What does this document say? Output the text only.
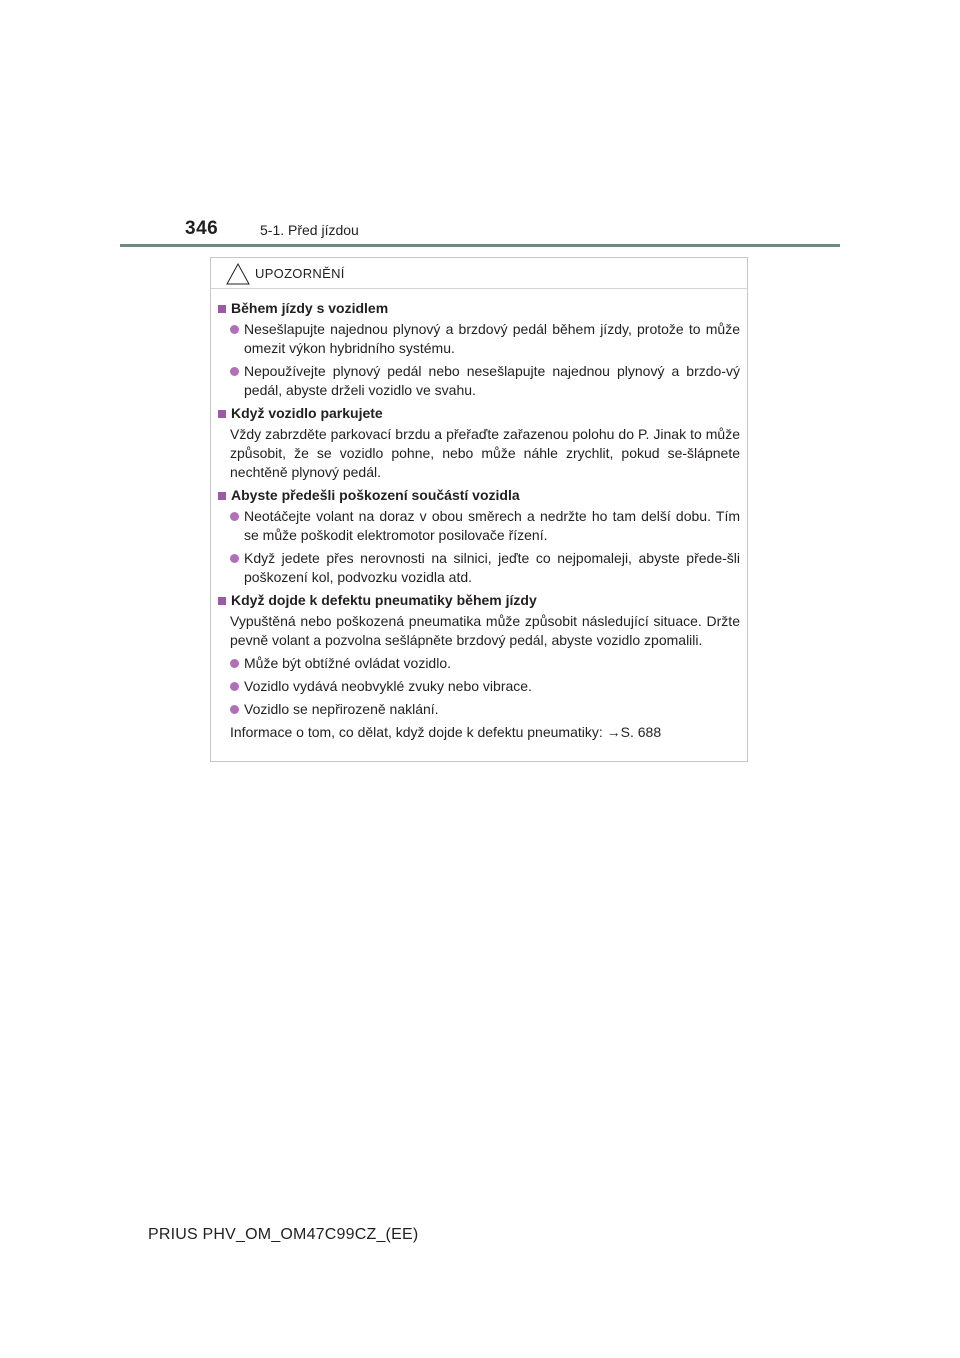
346	5-1. Před jízdou
UPOZORNĚNÍ
Během jízdy s vozidlem
Nesešlapujte najednou plynový a brzdový pedál během jízdy, protože to může omezit výkon hybridního systému.
Nepoužívejte plynový pedál nebo nesešlapujte najednou plynový a brzdo-vý pedál, abyste drželi vozidlo ve svahu.
Když vozidlo parkujete
Vždy zabrzděte parkovací brzdu a přeřaďte zařazenou polohu do P. Jinak to může způsobit, že se vozidlo pohne, nebo může náhle zrychlit, pokud se-šlápnete nechtěně plynový pedál.
Abyste předešli poškození součástí vozidla
Neotáčejte volant na doraz v obou směrech a nedržte ho tam delší dobu. Tím se může poškodit elektromotor posilovače řízení.
Když jedete přes nerovnosti na silnici, jeďte co nejpomaleji, abyste přede-šli poškození kol, podvozku vozidla atd.
Když dojde k defektu pneumatiky během jízdy
Vypuštěná nebo poškozená pneumatika může způsobit následující situace. Držte pevně volant a pozvolna sešlápněte brzdový pedál, abyste vozidlo zpomalili.
Může být obtížné ovládat vozidlo.
Vozidlo vydává neobvyklé zvuky nebo vibrace.
Vozidlo se nepřirozeně naklání.
Informace o tom, co dělat, když dojde k defektu pneumatiky: →S. 688
PRIUS PHV_OM_OM47C99CZ_(EE)
